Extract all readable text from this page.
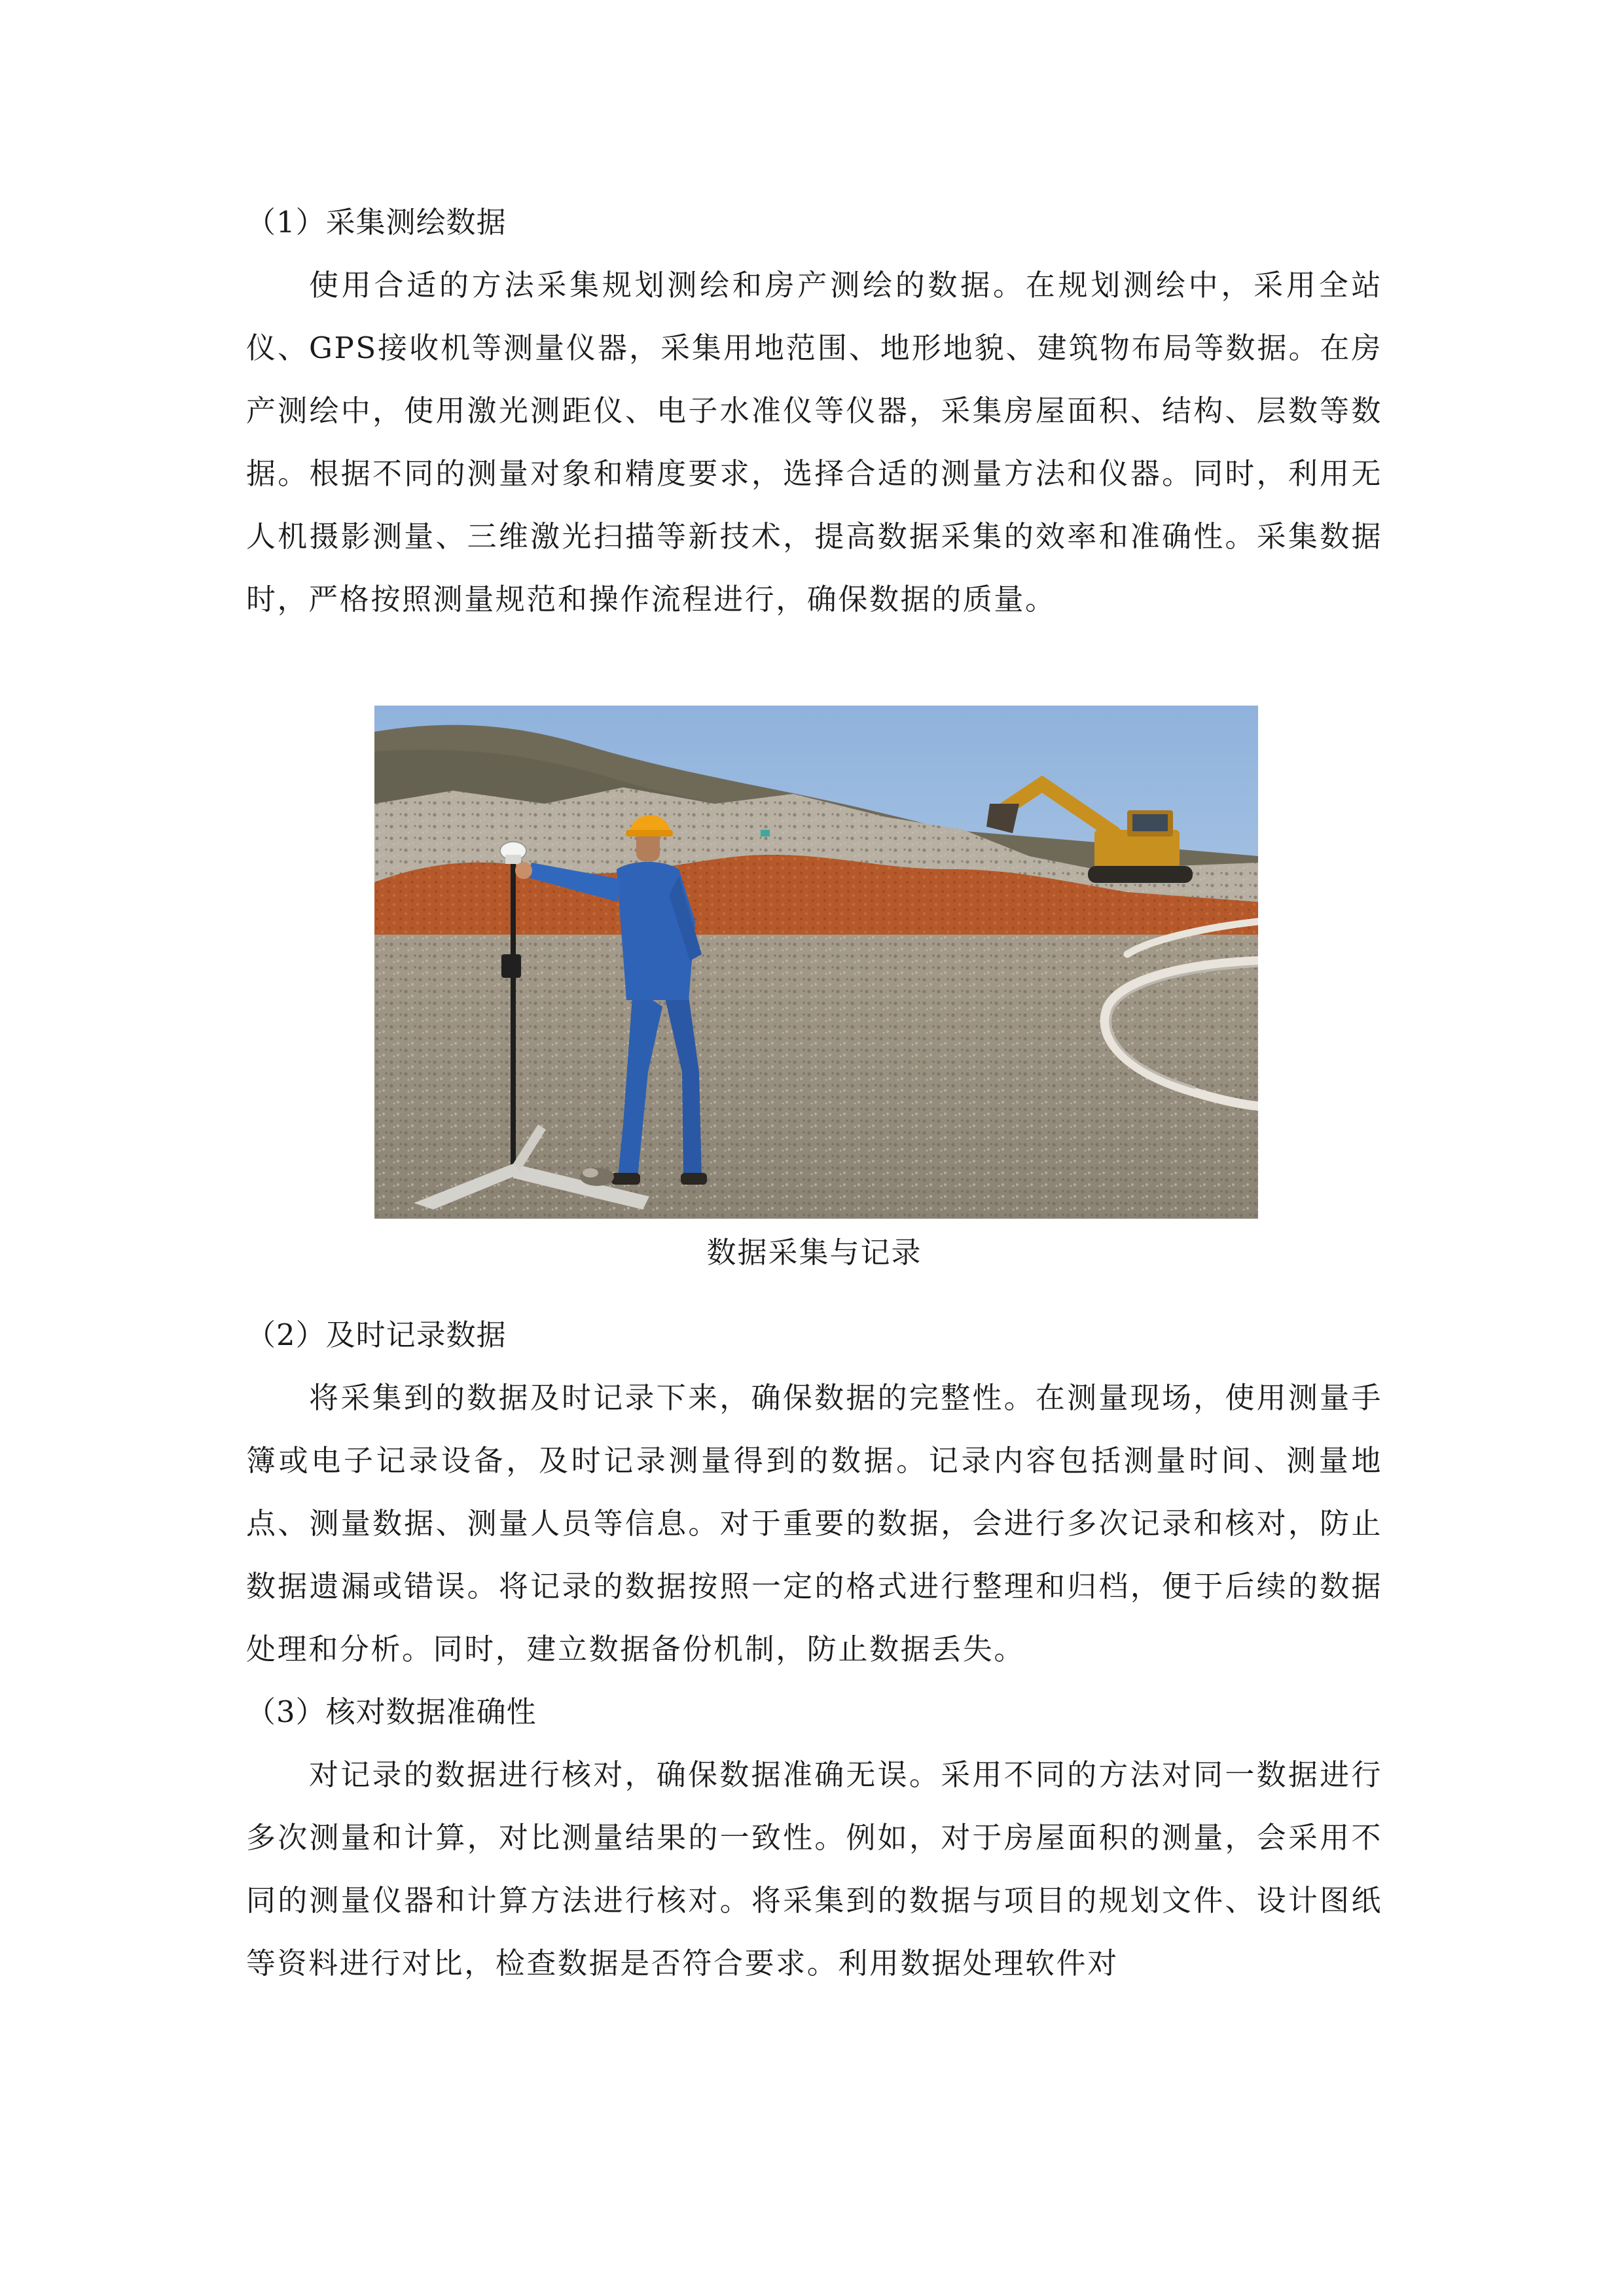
（1）采集测绘数据

使用合适的方法采集规划测绘和房产测绘的数据。在规划测绘中，采用全站仪、GPS接收机等测量仪器，采集用地范围、地形地貌、建筑物布局等数据。在房产测绘中，使用激光测距仪、电子水准仪等仪器，采集房屋面积、结构、层数等数据。根据不同的测量对象和精度要求，选择合适的测量方法和仪器。同时，利用无人机摄影测量、三维激光扫描等新技术，提高数据采集的效率和准确性。采集数据时，严格按照测量规范和操作流程进行，确保数据的质量。

数据采集与记录

（2）及时记录数据

将采集到的数据及时记录下来，确保数据的完整性。在测量现场，使用测量手簿或电子记录设备，及时记录测量得到的数据。记录内容包括测量时间、测量地点、测量数据、测量人员等信息。对于重要的数据，会进行多次记录和核对，防止数据遗漏或错误。将记录的数据按照一定的格式进行整理和归档，便于后续的数据处理和分析。同时，建立数据备份机制，防止数据丢失。

（3）核对数据准确性

对记录的数据进行核对，确保数据准确无误。采用不同的方法对同一数据进行多次测量和计算，对比测量结果的一致性。例如，对于房屋面积的测量，会采用不同的测量仪器和计算方法进行核对。将采集到的数据与项目的规划文件、设计图纸等资料进行对比，检查数据是否符合要求。利用数据处理软件对
